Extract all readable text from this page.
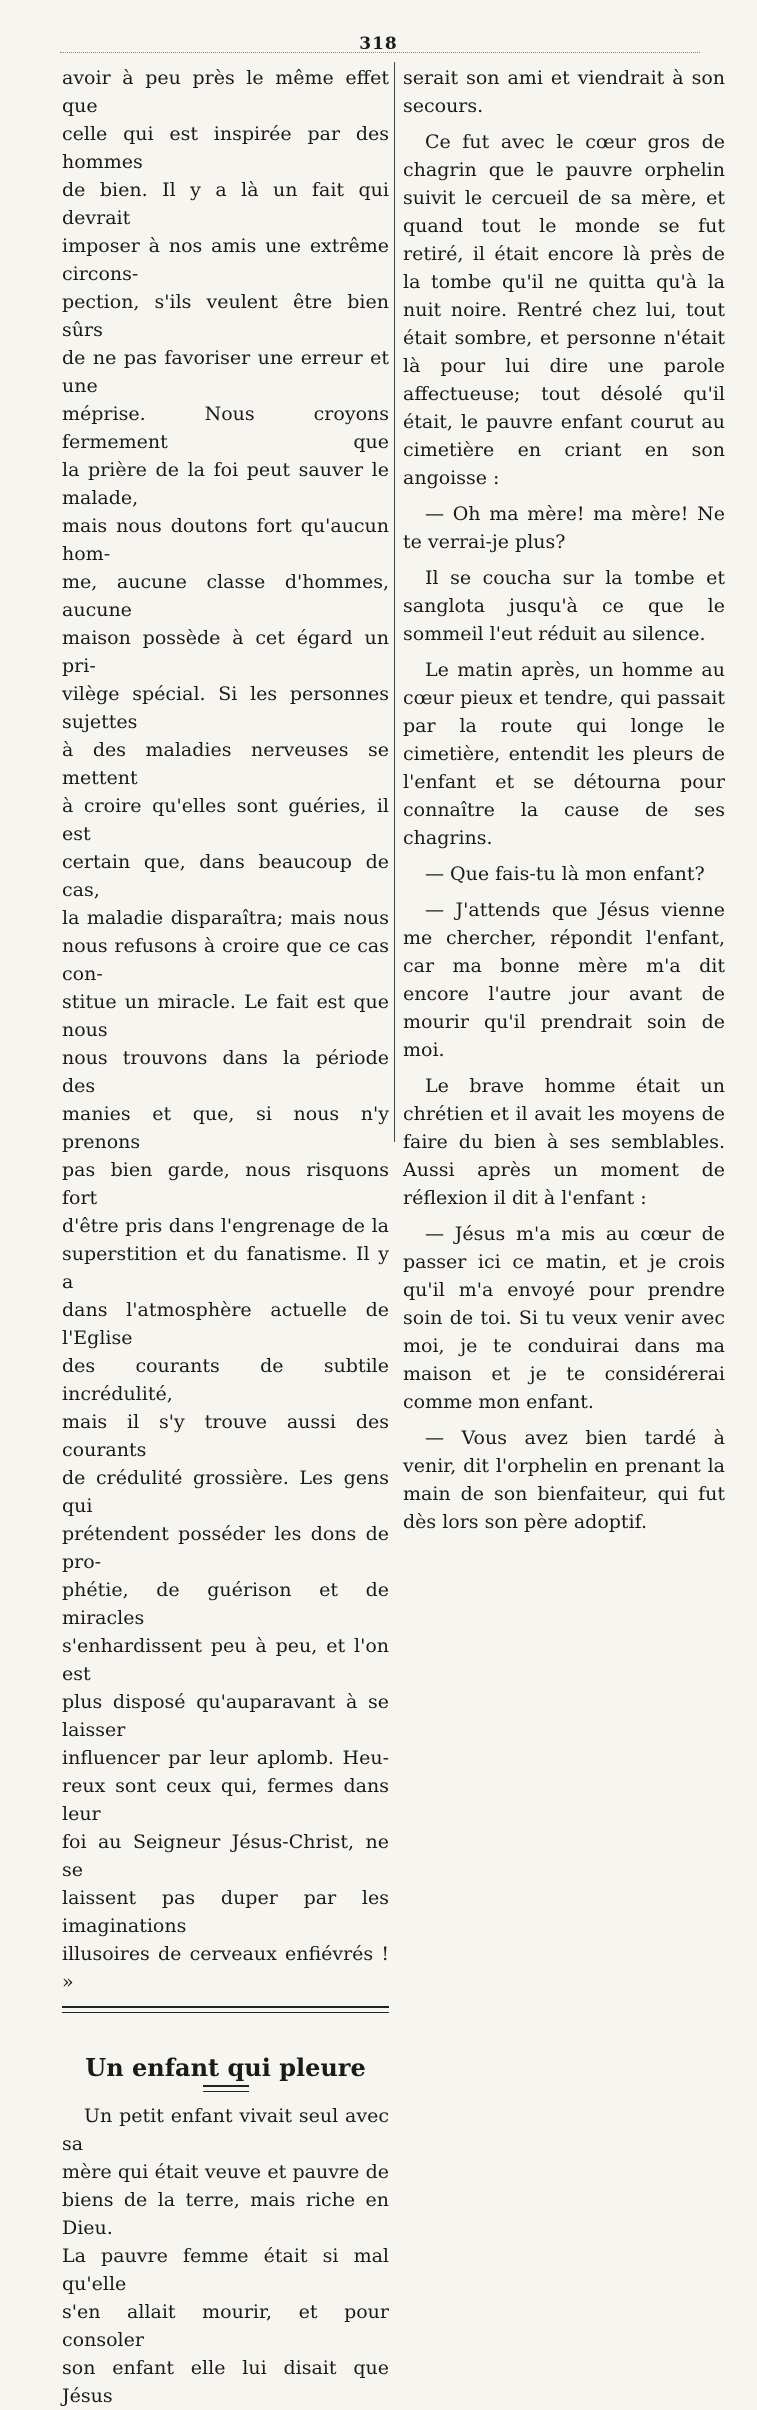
318
avoir à peu près le même effet que
celle qui est inspirée par des hommes
de bien. Il y a là un fait qui devrait
imposer à nos amis une extrême circons-
pection, s'ils veulent être bien sûrs
de ne pas favoriser une erreur et une
méprise. Nous croyons fermement que
la prière de la foi peut sauver le malade,
mais nous doutons fort qu'aucun hom-
me, aucune classe d'hommes, aucune
maison possède à cet égard un pri-
vilège spécial. Si les personnes sujettes
à des maladies nerveuses se mettent
à croire qu'elles sont guéries, il est
certain que, dans beaucoup de cas,
la maladie disparaîtra; mais nous
nous refusons à croire que ce cas con-
stitue un miracle. Le fait est que nous
nous trouvons dans la période des
manies et que, si nous n'y prenons
pas bien garde, nous risquons fort
d'être pris dans l'engrenage de la
superstition et du fanatisme. Il y a
dans l'atmosphère actuelle de l'Eglise
des courants de subtile incrédulité,
mais il s'y trouve aussi des courants
de crédulité grossière. Les gens qui
prétendent posséder les dons de pro-
phétie, de guérison et de miracles
s'enhardissent peu à peu, et l'on est
plus disposé qu'auparavant à se laisser
influencer par leur aplomb. Heu-
reux sont ceux qui, fermes dans leur
foi au Seigneur Jésus-Christ, ne se
laissent pas duper par les imaginations
illusoires de cerveaux enfiévrés ! »
Un enfant qui pleure
Un petit enfant vivait seul avec sa
mère qui était veuve et pauvre de
biens de la terre, mais riche en Dieu.
La pauvre femme était si mal qu'elle
s'en allait mourir, et pour consoler
son enfant elle lui disait que Jésus

serait son ami et viendrait à son secours.

Ce fut avec le cœur gros de chagrin que le pauvre orphelin suivit le cercueil de sa mère, et quand tout le monde se fut retiré, il était encore là près de la tombe qu'il ne quitta qu'à la nuit noire. Rentré chez lui, tout était sombre, et personne n'était là pour lui dire une parole affectueuse; tout désolé qu'il était, le pauvre enfant courut au cimetière en criant en son angoisse :

— Oh ma mère! ma mère! Ne te verrai-je plus?

Il se coucha sur la tombe et sanglota jusqu'à ce que le sommeil l'eut réduit au silence.

Le matin après, un homme au cœur pieux et tendre, qui passait par la route qui longe le cimetière, entendit les pleurs de l'enfant et se détourna pour connaître la cause de ses chagrins.

— Que fais-tu là mon enfant?

— J'attends que Jésus vienne me chercher, répondit l'enfant, car ma bonne mère m'a dit encore l'autre jour avant de mourir qu'il prendrait soin de moi.

Le brave homme était un chrétien et il avait les moyens de faire du bien à ses semblables. Aussi après un moment de réflexion il dit à l'enfant :

— Jésus m'a mis au cœur de passer ici ce matin, et je crois qu'il m'a envoyé pour prendre soin de toi. Si tu veux venir avec moi, je te conduirai dans ma maison et je te considérerai comme mon enfant.

— Vous avez bien tardé à venir, dit l'orphelin en prenant la main de son bienfaiteur, qui fut dès lors son père adoptif.
